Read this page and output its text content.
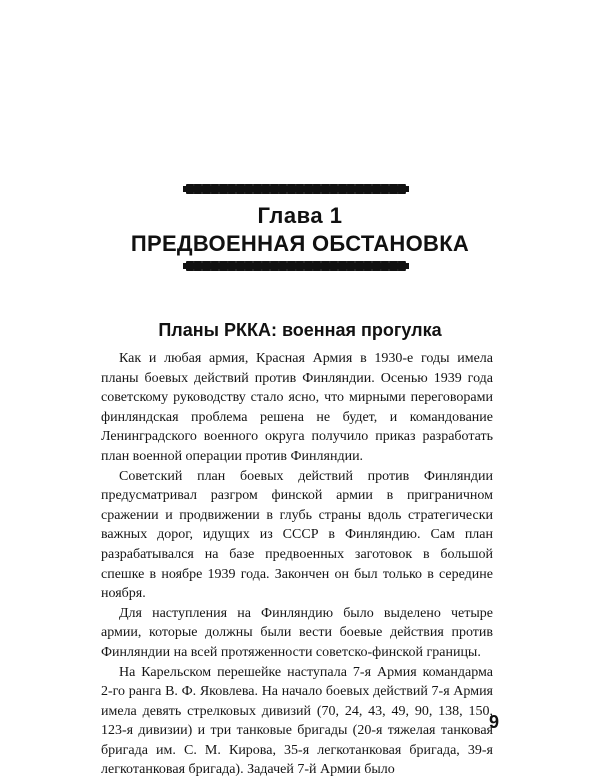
Глава 1
ПРЕДВОЕННАЯ ОБСТАНОВКА
Планы РККА: военная прогулка

Как и любая армия, Красная Армия в 1930-е годы имела планы боевых действий против Финляндии. Осенью 1939 года советскому руководству стало ясно, что мирными переговорами финляндская проблема решена не будет, и командование Ленинградского военного округа получило приказ разработать план военной операции против Финляндии.

Советский план боевых действий против Финляндии предусматривал разгром финской армии в приграничном сражении и продвижении в глубь страны вдоль стратегически важных дорог, идущих из СССР в Финляндию. Сам план разрабатывался на базе предвоенных заготовок в большой спешке в ноябре 1939 года. Закончен он был только в середине ноября.

Для наступления на Финляндию было выделено четыре армии, которые должны были вести боевые действия против Финляндии на всей протяженности советско-финской границы.

На Карельском перешейке наступала 7-я Армия командарма 2-го ранга В. Ф. Яковлева. На начало боевых действий 7-я Армия имела девять стрелковых дивизий (70, 24, 43, 49, 90, 138, 150, 123-я дивизии) и три танковые бригады (20-я тяжелая танковая бригада им. С. М. Кирова, 35-я легкотанковая бригада, 39-я легкотанковая бригада). Задачей 7-й Армии было

9
